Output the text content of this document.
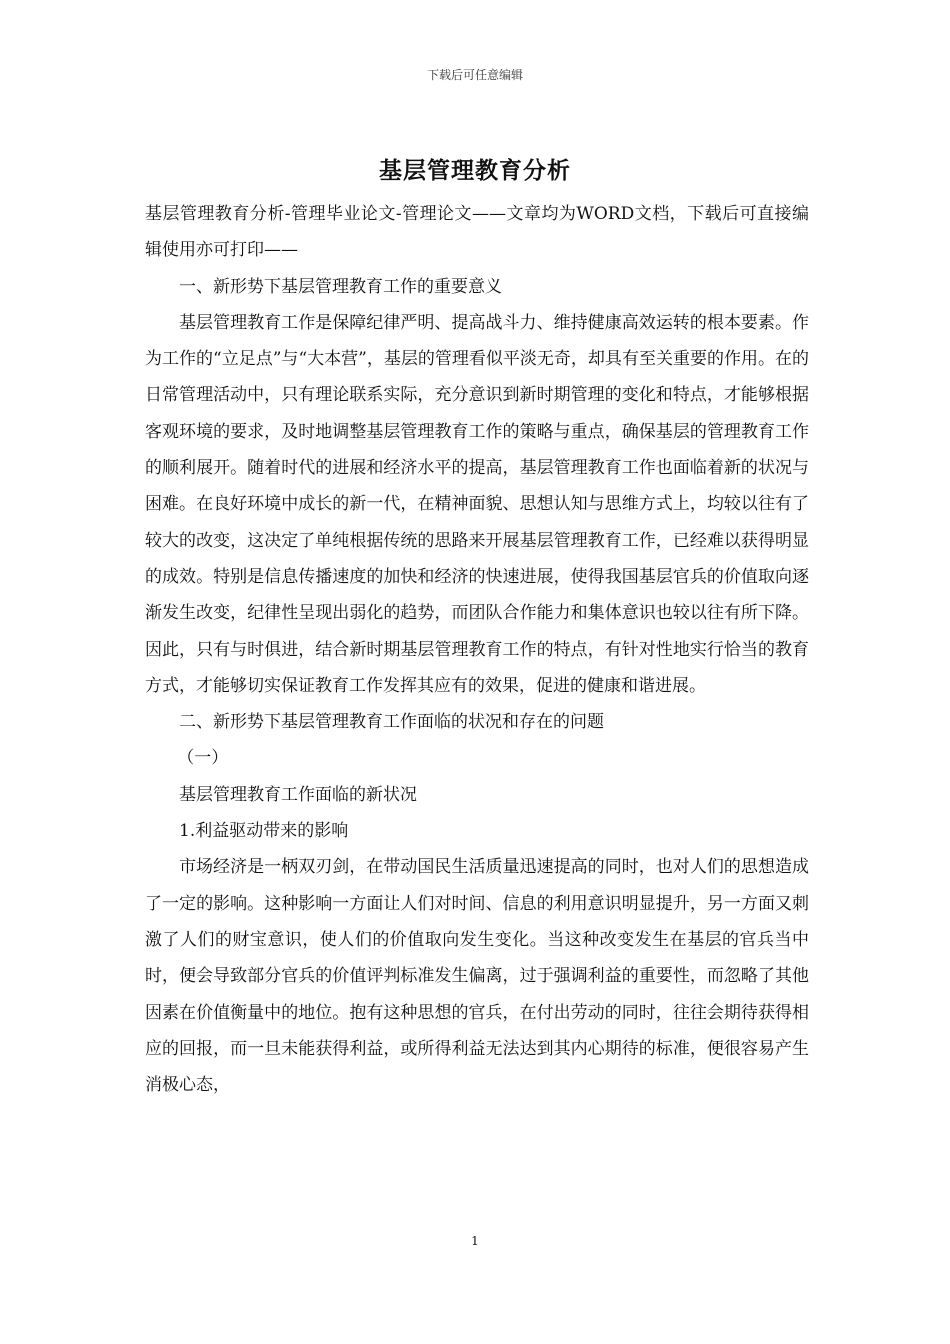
下载后可任意编辑
基层管理教育分析

基层管理教育分析-管理毕业论文-管理论文——文章均为WORD文档，下载后可直接编辑使用亦可打印——

一、新形势下基层管理教育工作的重要意义

基层管理教育工作是保障纪律严明、提高战斗力、维持健康高效运转的根本要素。作为工作的“立足点”与“大本营”，基层的管理看似平淡无奇，却具有至关重要的作用。在的日常管理活动中，只有理论联系实际，充分意识到新时期管理的变化和特点，才能够根据客观环境的要求，及时地调整基层管理教育工作的策略与重点，确保基层的管理教育工作的顺利展开。随着时代的进展和经济水平的提高，基层管理教育工作也面临着新的状况与困难。在良好环境中成长的新一代，在精神面貌、思想认知与思维方式上，均较以往有了较大的改变，这决定了单纯根据传统的思路来开展基层管理教育工作，已经难以获得明显的成效。特别是信息传播速度的加快和经济的快速进展，使得我国基层官兵的价值取向逐渐发生改变，纪律性呈现出弱化的趋势，而团队合作能力和集体意识也较以往有所下降。因此，只有与时俱进，结合新时期基层管理教育工作的特点，有针对性地实行恰当的教育方式，才能够切实保证教育工作发挥其应有的效果，促进的健康和谐进展。

二、新形势下基层管理教育工作面临的状况和存在的问题

（一）

基层管理教育工作面临的新状况

1.利益驱动带来的影响

市场经济是一柄双刃剑，在带动国民生活质量迅速提高的同时，也对人们的思想造成了一定的影响。这种影响一方面让人们对时间、信息的利用意识明显提升，另一方面又刺激了人们的财宝意识，使人们的价值取向发生变化。当这种改变发生在基层的官兵当中时，便会导致部分官兵的价值评判标准发生偏离，过于强调利益的重要性，而忽略了其他因素在价值衡量中的地位。抱有这种思想的官兵，在付出劳动的同时，往往会期待获得相应的回报，而一旦未能获得利益，或所得利益无法达到其内心期待的标准，便很容易产生消极心态，

1
